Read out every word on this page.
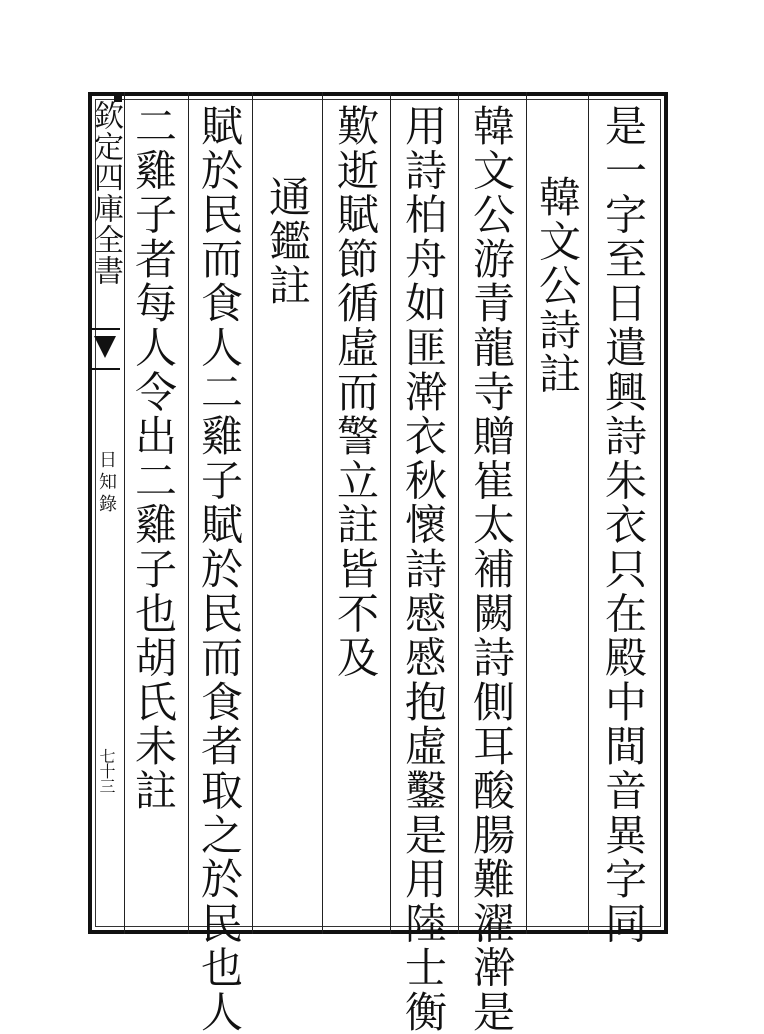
欽定四庫全書
日知錄
七十三	是一字至日遣興詩朱衣只在殿中間音異字同
韓文公詩註
韓文公游青龍寺贈崔太補闕詩側耳酸腸難濯澣是
用詩柏舟如匪澣衣秋懷詩慼慼抱虛鑿是用陸士衡
歎逝賦節循虛而警立註皆不及
通鑑註
賦於民而食人二雞子賦於民而食者取之於民也人
二雞子者每人令出二雞子也胡氏未註
